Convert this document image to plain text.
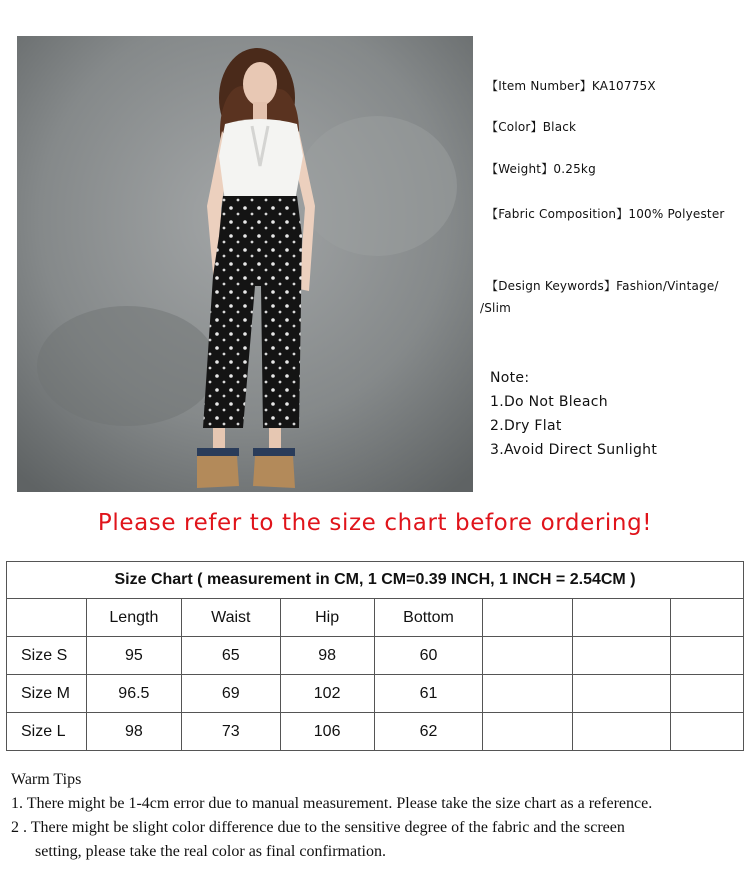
【Item Number】KA10775X
【Color】Black
【Weight】0.25kg
【Fabric Composition】100% Polyester
【Design Keywords】Fashion/Vintage/
/Slim
Note:
1.Do Not Bleach
2.Dry Flat
3.Avoid Direct Sunlight
Please refer to the size chart before ordering!
Size Chart ( measurement in CM, 1 CM=0.39 INCH, 1 INCH = 2.54CM )							
	Length	Waist	Hip	Bottom			
Size S	95	65	98	60			
Size M	96.5	69	102	61			
Size L	98	73	106	62			
Warm Tips
1. There might be 1-4cm error due to manual measurement. Please take the size chart as a reference.
2 . There might be slight color difference due to the sensitive degree of the fabric and the screen
setting, please take the real color as final confirmation.
